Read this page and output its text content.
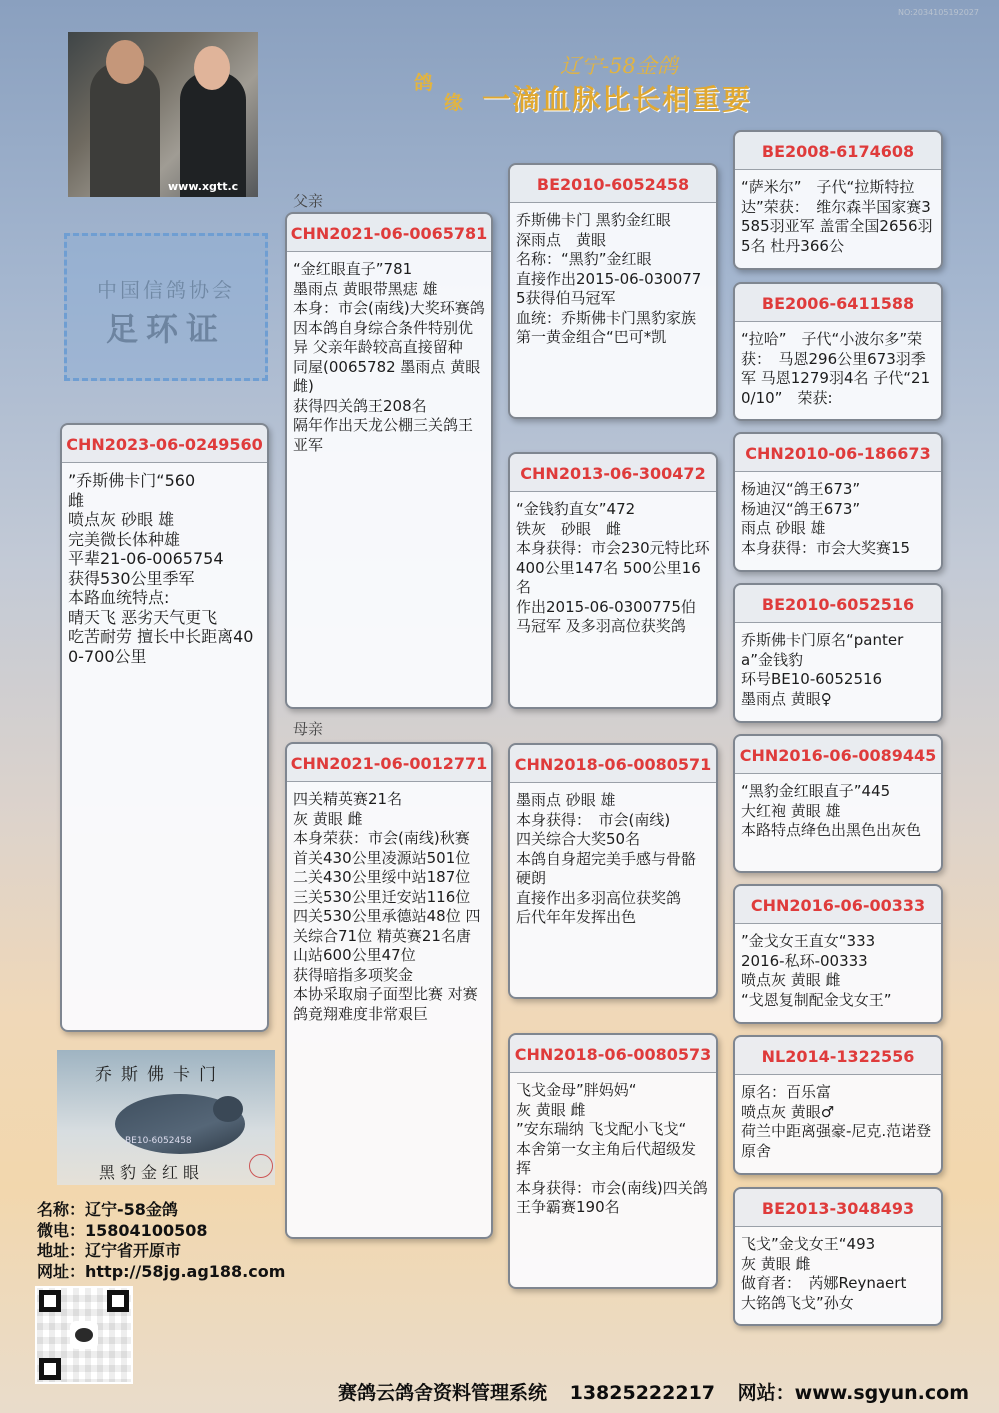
NO:2034105192027
www.xgtt.c
辽宁-58金鸽
鸽
缘 一滴血脉比长相重要
中国信鸽协会
足环证
父亲
母亲
CHN2023-06-0249560
”乔斯佛卡门“560
雌
喷点灰 砂眼 雄
完美微长体种雄
平辈21-06-0065754
获得530公里季军
本路血统特点:
晴天飞 恶劣天气更飞
吃苦耐劳 擅长中长距离400-700公里
CHN2021-06-0065781
“金红眼直子”781
墨雨点 黄眼带黑痣 雄
本身：市会(南线)大奖环赛鸽
因本鸽自身综合条件特别优异 父亲年龄较高直接留种
同屋(0065782 墨雨点 黄眼 雌)
获得四关鸽王208名
隔年作出天龙公棚三关鸽王亚军
CHN2021-06-0012771
四关精英赛21名
灰 黄眼 雌
本身荣获：市会(南线)秋赛 首关430公里凌源站501位 二关430公里绥中站187位 三关530公里迁安站116位 四关530公里承德站48位 四关综合71位 精英赛21名唐山站600公里47位
获得暗指多项奖金
本协采取扇子面型比赛 对赛鸽竟翔难度非常艰巨
BE2010-6052458
乔斯佛卡门 黑豹金红眼
深雨点　黄眼
名称：“黑豹”金红眼
直接作出2015-06-0300775获得伯马冠军
血统：乔斯佛卡门黑豹家族
第一黄金组合“巴可*凯
CHN2013-06-300472
“金钱豹直女”472
铁灰　砂眼　雌
本身获得：市会230元特比环
400公里147名 500公里16名
作出2015-06-0300775伯马冠军 及多羽高位获奖鸽
CHN2018-06-0080571
墨雨点 砂眼 雄
本身获得：　市会(南线)
四关综合大奖50名
本鸽自身超完美手感与骨骼硬朗
直接作出多羽高位获奖鸽
后代年年发挥出色
CHN2018-06-0080573
飞戈金母”胖妈妈“
灰 黄眼 雌
”安东瑞纳 飞戈配小飞戈“
本舍第一女主角后代超级发挥
本身获得：市会(南线)四关鸽王争霸赛190名
BE2008-6174608
“萨米尔”　子代“拉斯特拉达”荣获：　维尔森半国家赛3585羽亚军 盖雷全国2656羽5名 杜丹366公
BE2006-6411588
“拉哈”　子代“小波尔多”荣获：　马恩296公里673羽季军 马恩1279羽4名 子代“210/10”　荣获:
CHN2010-06-186673
杨迪汉“鸽王673”
杨迪汉“鸽王673”
雨点 砂眼 雄
本身获得：市会大奖赛15
BE2010-6052516
乔斯佛卡门原名“pantera”金钱豹
环号BE10-6052516
墨雨点 黄眼♀
CHN2016-06-0089445
“黑豹金红眼直子”445
大红袍 黄眼 雄
本路特点绛色出黑色出灰色
CHN2016-06-00333
”金戈女王直女“333
2016-私环-00333
喷点灰 黄眼 雌
“戈恩复制配金戈女王”
NL2014-1322556
原名：百乐富
喷点灰 黄眼♂
荷兰中距离强豪-尼克.范诺登原舍
BE2013-3048493
飞戈”金戈女王“493
灰 黄眼 雌
做育者：　芮娜Reynaert
大铭鸽飞戈”孙女
乔斯佛卡门
BE10-6052458
黑豹金红眼
名称：辽宁-58金鸽
微电：15804100508
地址：辽宁省开原市
网址：http://58jg.ag188.com
赛鸽云鸽舍资料管理系统 13825222217 网站：www.sgyun.com
